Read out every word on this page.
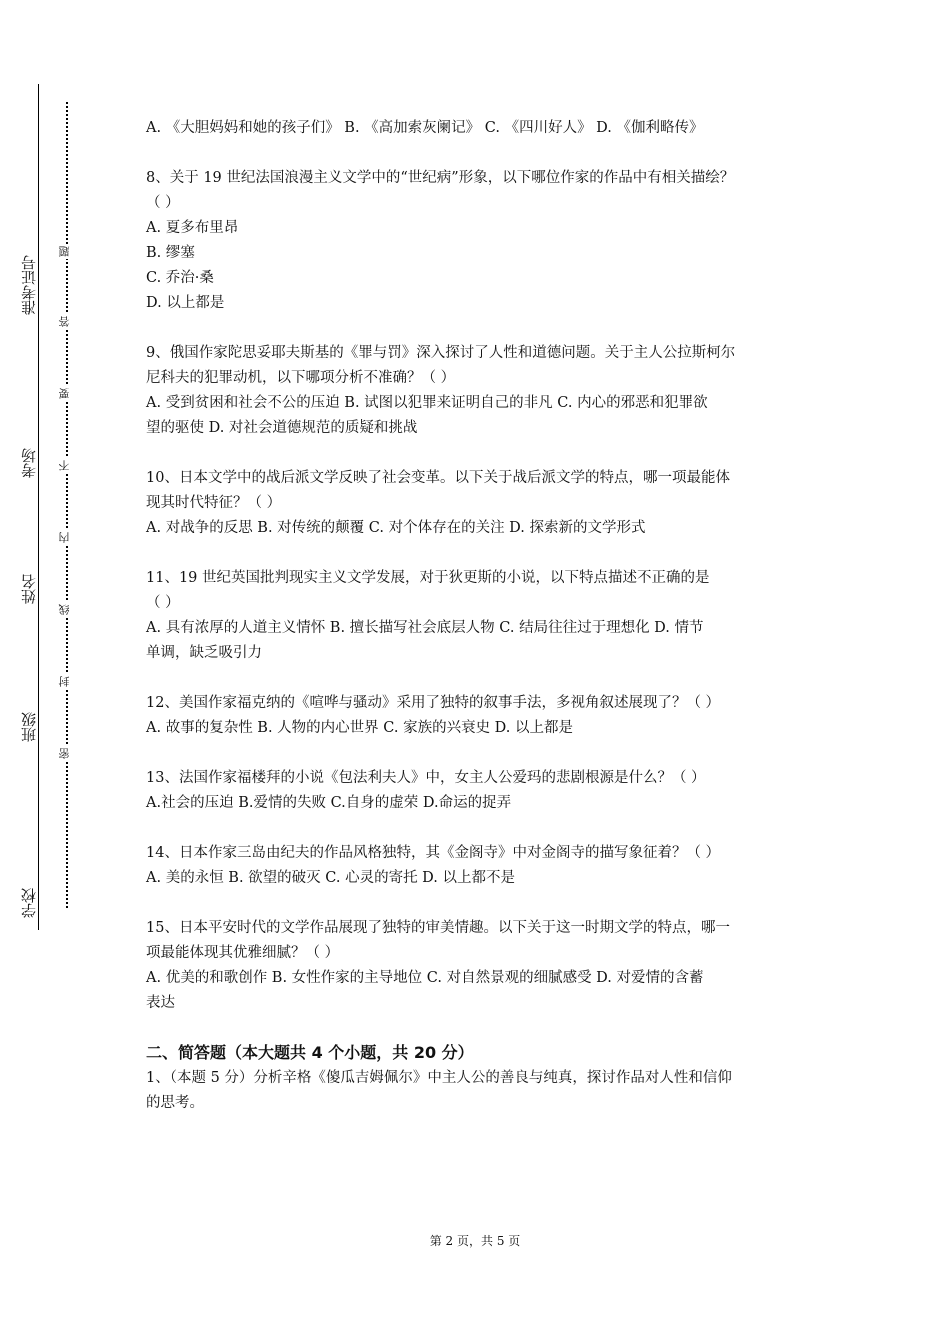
准考证号
考场
姓名
班级
学校
题
答
要
不
内
线
封
密
A. 《大胆妈妈和她的孩子们》 B. 《高加索灰阑记》 C. 《四川好人》 D. 《伽利略传》
8、关于 19 世纪法国浪漫主义文学中的“世纪病”形象，以下哪位作家的作品中有相关描绘？
（ ）
A. 夏多布里昂
B. 缪塞
C. 乔治·桑
D. 以上都是
9、俄国作家陀思妥耶夫斯基的《罪与罚》深入探讨了人性和道德问题。关于主人公拉斯柯尔
尼科夫的犯罪动机，以下哪项分析不准确？（ ）
A. 受到贫困和社会不公的压迫 B. 试图以犯罪来证明自己的非凡 C. 内心的邪恶和犯罪欲
望的驱使 D. 对社会道德规范的质疑和挑战
10、日本文学中的战后派文学反映了社会变革。以下关于战后派文学的特点，哪一项最能体
现其时代特征？（ ）
A. 对战争的反思 B. 对传统的颠覆 C. 对个体存在的关注 D. 探索新的文学形式
11、19 世纪英国批判现实主义文学发展，对于狄更斯的小说，以下特点描述不正确的是
（ ）
A. 具有浓厚的人道主义情怀 B. 擅长描写社会底层人物 C. 结局往往过于理想化 D. 情节
单调，缺乏吸引力
12、美国作家福克纳的《喧哗与骚动》采用了独特的叙事手法，多视角叙述展现了？（ ）
A. 故事的复杂性 B. 人物的内心世界 C. 家族的兴衰史 D. 以上都是
13、法国作家福楼拜的小说《包法利夫人》中，女主人公爱玛的悲剧根源是什么？（ ）
A.社会的压迫 B.爱情的失败 C.自身的虚荣 D.命运的捉弄
14、日本作家三岛由纪夫的作品风格独特，其《金阁寺》中对金阁寺的描写象征着？（ ）
A. 美的永恒 B. 欲望的破灭 C. 心灵的寄托 D. 以上都不是
15、日本平安时代的文学作品展现了独特的审美情趣。以下关于这一时期文学的特点，哪一
项最能体现其优雅细腻？（ ）
A. 优美的和歌创作 B. 女性作家的主导地位 C. 对自然景观的细腻感受 D. 对爱情的含蓄
表达
二、简答题（本大题共 4 个小题，共 20 分）
1、（本题 5 分）分析辛格《傻瓜吉姆佩尔》中主人公的善良与纯真，探讨作品对人性和信仰
的思考。
第 2 页，共 5 页
